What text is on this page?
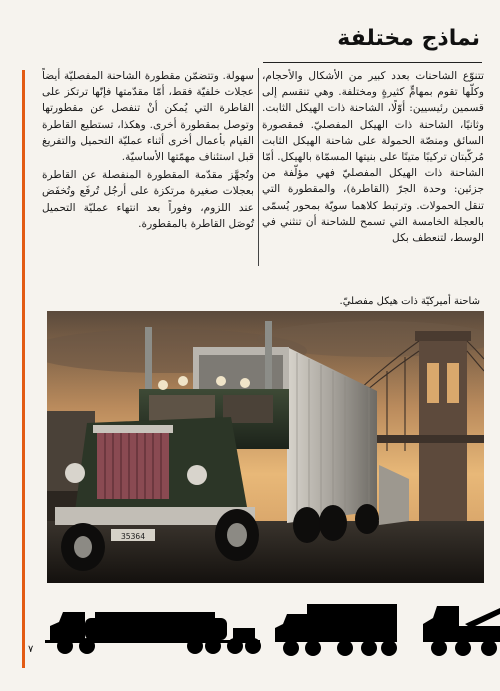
نماذج مختلفة

تتنوّع الشاحنات بعدد كبير من الأشكال والأحجام، وكلّها تقوم بمهامٍّ كثيرةٍ ومختلفة. وهي تنقسم إلى قسمين رئيسيين: أوّلًا، الشاحنة ذات الهيكل الثابت. وثانيًا، الشاحنة ذات الهيكل المفصليّ. فمقصورة السائق ومنصّة الحمولة على شاحنة الهيكل الثابت مُركّبتان تركيبًا متينًا على بنيتها المسمّاة بالهيكل. أمّا الشاحنة ذات الهيكل المفصليّ فهي مؤلّفة من جزئين: وحدة الجرّ (القاطرة)، والمقطورة التي تنقل الحمولات. وترتبط كلاهما سويّة بمحور يُسمّى بالعجلة الخامسة التي تسمح للشاحنة أن تنثني في الوسط، لتنعطف بكل

سهولة. وتتضمّن مقطورة الشاحنة المفصليّة أيضاً عجلات خلفيّة فقط، أمّا مقدّمتها فإنّها ترتكز على القاطرة التي يُمكن أنْ تنفصل عن مقطورتها وتوصل بمقطورة أخرى. وهكذا، تستطيع القاطرة القيام بأعمال أخرى أثناء عمليّة التحميل والتفريغ قبل استئناف مهمّتها الأساسيّة.

وتُجهَّز مقدّمة المقطورة المنفصلة عن القاطرة بعجلات صغيرة مرتكزة على أرجُل تُرفَع وتُخفَض عند اللزوم، وفوراً بعد انتهاء عمليّة التحميل تُوصَل القاطرة بالمقطورة.

شاحنة أميركيّة ذات هيكل مفصليّ.
35364
٧
